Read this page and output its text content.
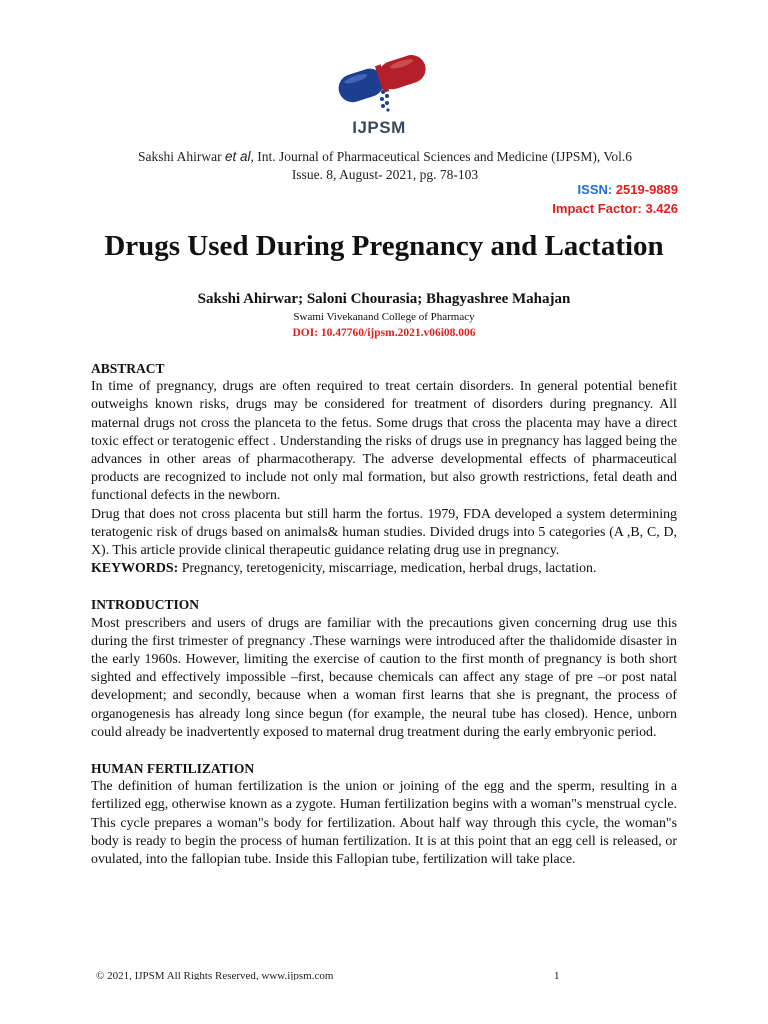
IJPSM
Sakshi Ahirwar et al, Int. Journal of Pharmaceutical Sciences and Medicine (IJPSM), Vol.6
Issue. 8, August- 2021, pg. 78-103
ISSN: 2519-9889
Impact Factor: 3.426
Drugs Used During Pregnancy and Lactation
Sakshi Ahirwar; Saloni Chourasia; Bhagyashree Mahajan
Swami Vivekanand College of Pharmacy
DOI: 10.47760/ijpsm.2021.v06i08.006
ABSTRACT

In time of pregnancy, drugs are often required to treat certain disorders. In general potential benefit outweighs known risks, drugs may be considered for treatment of disorders during pregnancy. All maternal drugs not cross the planceta to the fetus. Some drugs that cross the placenta may have a direct toxic effect or teratogenic effect . Understanding the risks of drugs use in pregnancy has lagged being the advances in other areas of pharmacotherapy. The adverse developmental effects of pharmaceutical products are recognized to include not only mal formation, but also growth restrictions, fetal death and functional defects in the newborn.

Drug that does not cross placenta but still harm the fortus. 1979, FDA developed a system determining teratogenic risk of drugs based on animals& human studies. Divided drugs into 5 categories (A ,B, C, D, X). This article provide clinical therapeutic guidance relating drug use in pregnancy.

KEYWORDS: Pregnancy, teretogenicity, miscarriage, medication, herbal drugs, lactation.

INTRODUCTION

Most prescribers and users of drugs are familiar with the precautions given concerning drug use this during the first trimester of pregnancy .These warnings were introduced after the thalidomide disaster in the early 1960s. However, limiting the exercise of caution to the first month of pregnancy is both short sighted and effectively impossible –first, because chemicals can affect any stage of pre –or post natal development; and secondly, because when a woman first learns that she is pregnant, the process of organogenesis has already long since begun (for example, the neural tube has closed). Hence, unborn could already be inadvertently exposed to maternal drug treatment during the early embryonic period.

HUMAN FERTILIZATION

The definition of human fertilization is the union or joining of the egg and the sperm, resulting in a fertilized egg, otherwise known as a zygote. Human fertilization begins with a woman"s menstrual cycle. This cycle prepares a woman"s body for fertilization. About half way through this cycle, the woman"s body is ready to begin the process of human fertilization. It is at this point that an egg cell is released, or ovulated, into the fallopian tube. Inside this Fallopian tube, fertilization will take place.

© 2021, IJPSM All Rights Reserved, www.ijpsm.com	1
